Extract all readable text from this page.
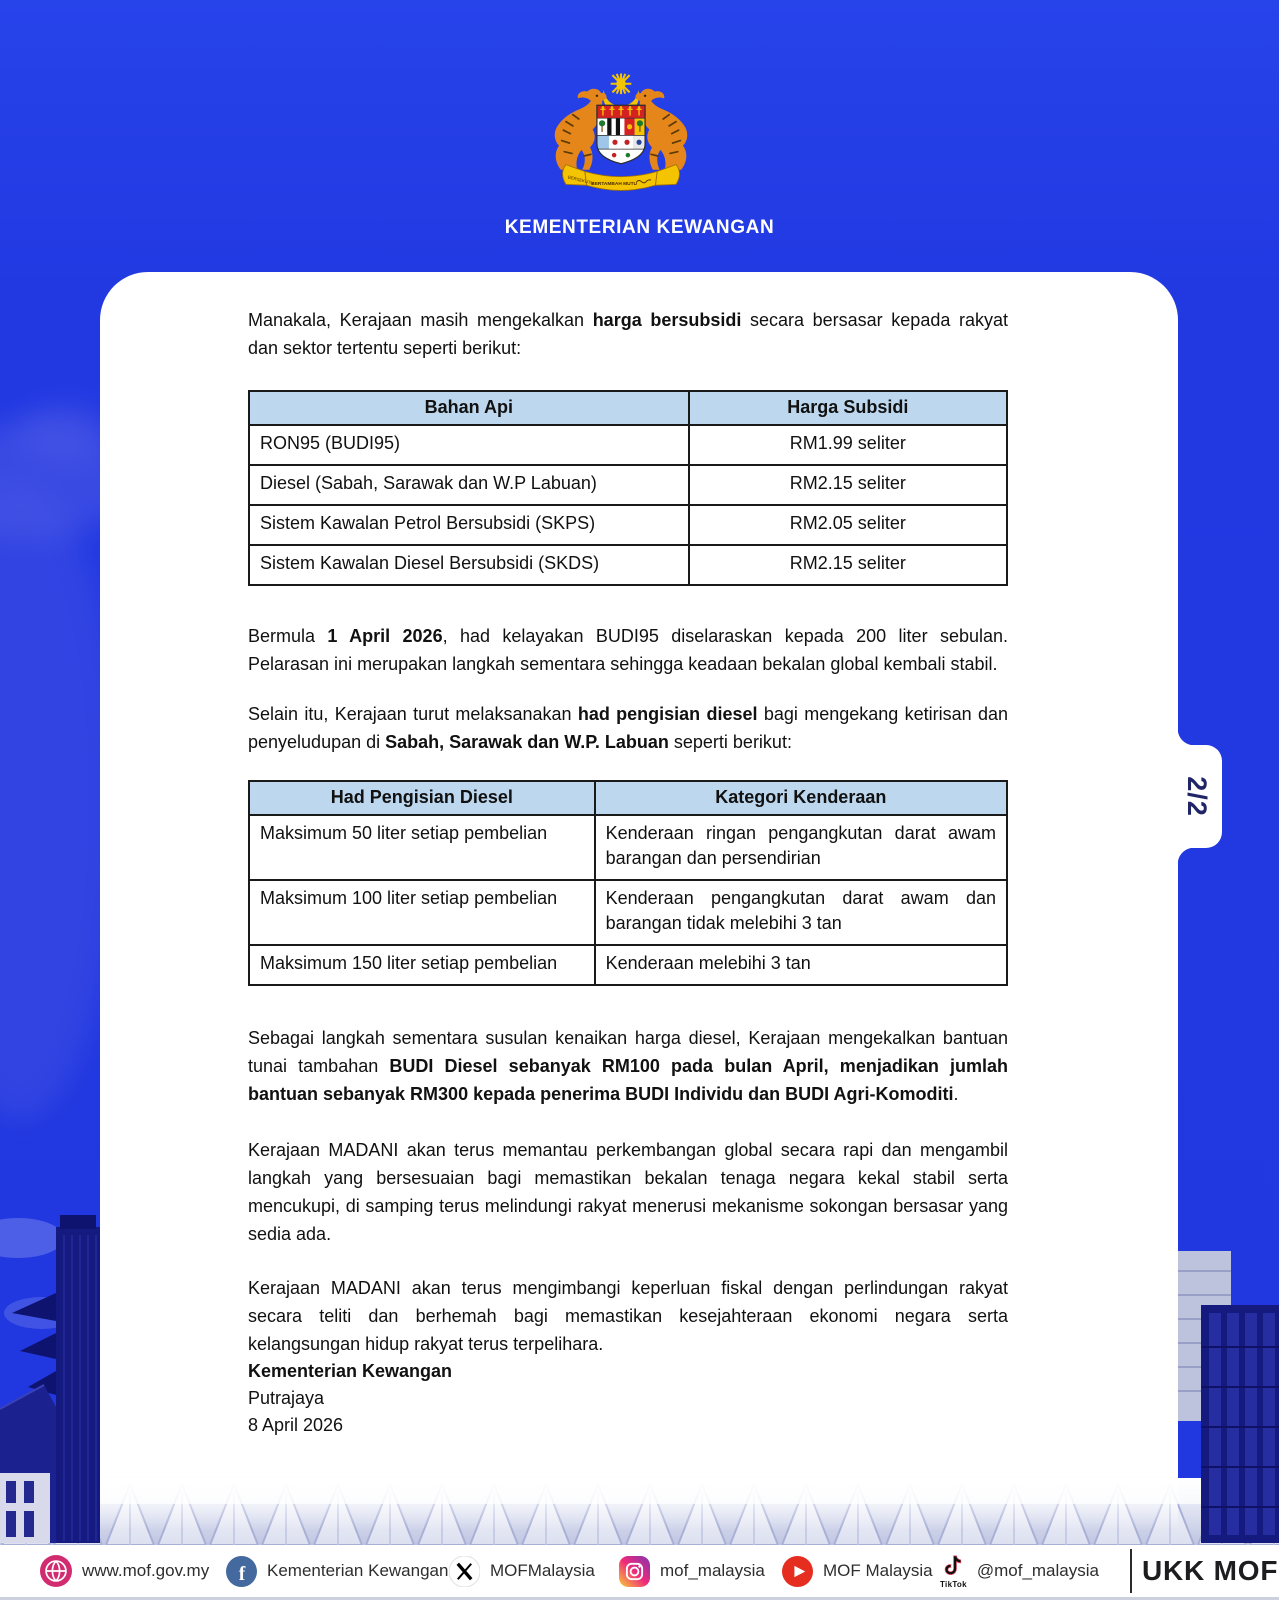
BERSEKUTU
BERTAMBAH MUTU
KEMENTERIAN KEWANGAN

Manakala, Kerajaan masih mengekalkan harga bersubsidi secara bersasar kepada rakyat dan sektor tertentu seperti berikut:

Bahan Api	Harga Subsidi
RON95 (BUDI95)	RM1.99 seliter
Diesel (Sabah, Sarawak dan W.P Labuan)	RM2.15 seliter
Sistem Kawalan Petrol Bersubsidi (SKPS)	RM2.05 seliter
Sistem Kawalan Diesel Bersubsidi (SKDS)	RM2.15 seliter

Bermula 1 April 2026, had kelayakan BUDI95 diselaraskan kepada 200 liter sebulan. Pelarasan ini merupakan langkah sementara sehingga keadaan bekalan global kembali stabil.

Selain itu, Kerajaan turut melaksanakan had pengisian diesel bagi mengekang ketirisan dan penyeludupan di Sabah, Sarawak dan W.P. Labuan seperti berikut:

Had Pengisian Diesel	Kategori Kenderaan
Maksimum 50 liter setiap pembelian	Kenderaan ringan pengangkutan darat awam barangan dan persendirian
Maksimum 100 liter setiap pembelian	Kenderaan pengangkutan darat awam dan barangan tidak melebihi 3 tan
Maksimum 150 liter setiap pembelian	Kenderaan melebihi 3 tan

Sebagai langkah sementara susulan kenaikan harga diesel, Kerajaan mengekalkan bantuan tunai tambahan BUDI Diesel sebanyak RM100 pada bulan April, menjadikan jumlah bantuan sebanyak RM300 kepada penerima BUDI Individu dan BUDI Agri-Komoditi.

Kerajaan MADANI akan terus memantau perkembangan global secara rapi dan mengambil langkah yang bersesuaian bagi memastikan bekalan tenaga negara kekal stabil serta mencukupi, di samping terus melindungi rakyat menerusi mekanisme sokongan bersasar yang sedia ada.

Kerajaan MADANI akan terus mengimbangi keperluan fiskal dengan perlindungan rakyat secara teliti dan berhemah bagi memastikan kesejahteraan ekonomi negara serta kelangsungan hidup rakyat terus terpelihara.

Kementerian Kewangan
Putrajaya
8 April 2026
2/2
www.mof.gov.my f Kementerian Kewangan MOFMalaysia	mof_malaysia	MOF Malaysia
TikTok
@mof_malaysia UKK MOF
